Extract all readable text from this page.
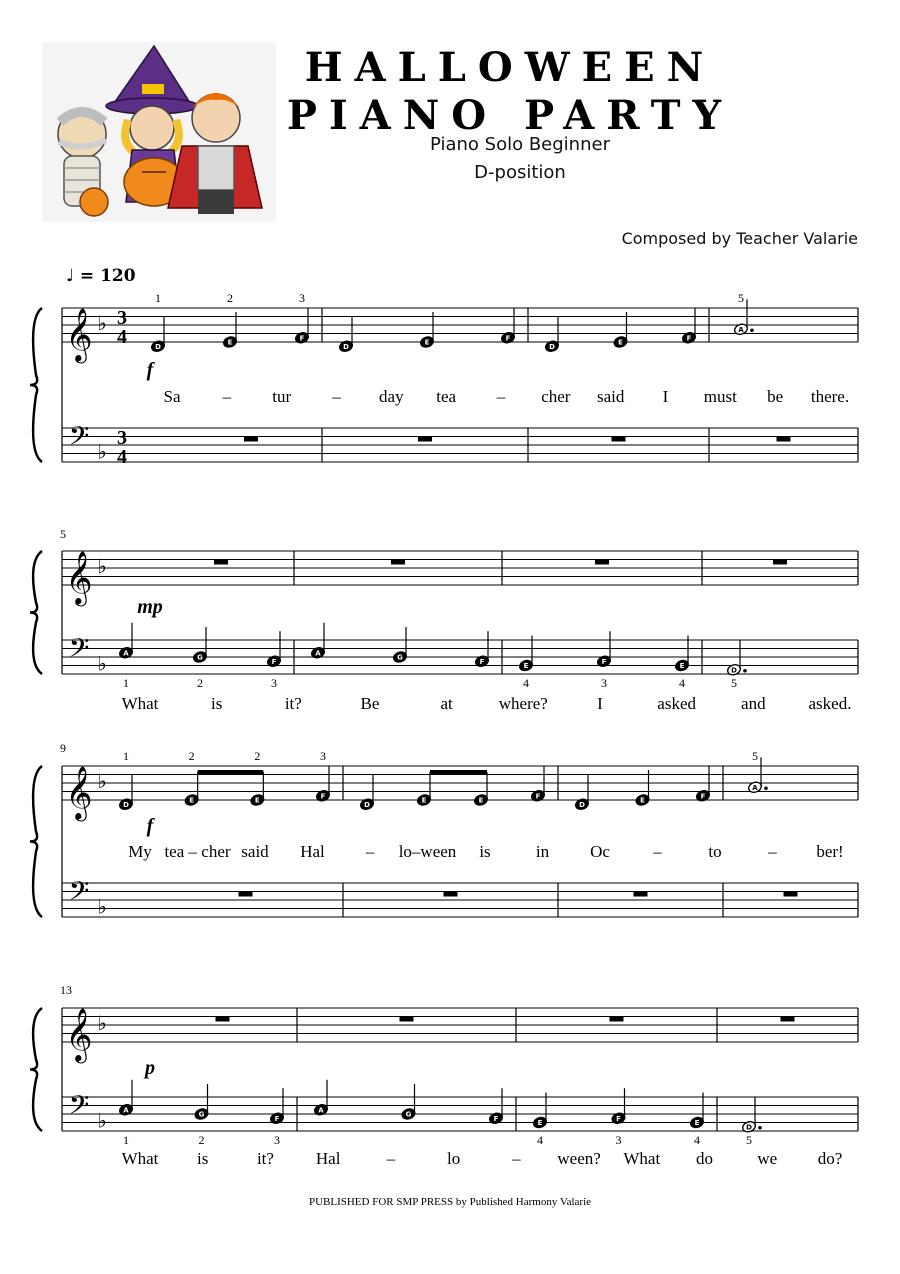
HALLOWEEN
PIANO PARTY
Piano Solo Beginner
D-position
Composed by Teacher Valarie
♩ = 120
𝄞
𝄢
♭
♭
3
4
3
4
f
D
1
E
2
F
3
D
E
F
D
E
F
A
5
Sa – tur – day tea – cher said I must be there.
𝄞
𝄢
♭
♭
5
mp
A
1
G
2
F
3
A
G
F
E
4
F
3
E
4
D
5
What	is	it?	Be	at	where?	I	asked	and	asked.
𝄞
𝄢
♭
♭
9
f
D
1
E
2
E
2
F
3
D
E	E
F
D
E
F
A
5
My tea – cher said Hal – lo–ween is	in Oc	–	to	– ber!
𝄞
𝄢
♭
♭
13
p
A
1
G
2
F
3
A
G
F
E
4
F
3
E
4
D
5
What is	it? Hal	–	lo	– ween? What do	we do?
PUBLISHED FOR SMP PRESS by Published Harmony Valarie
